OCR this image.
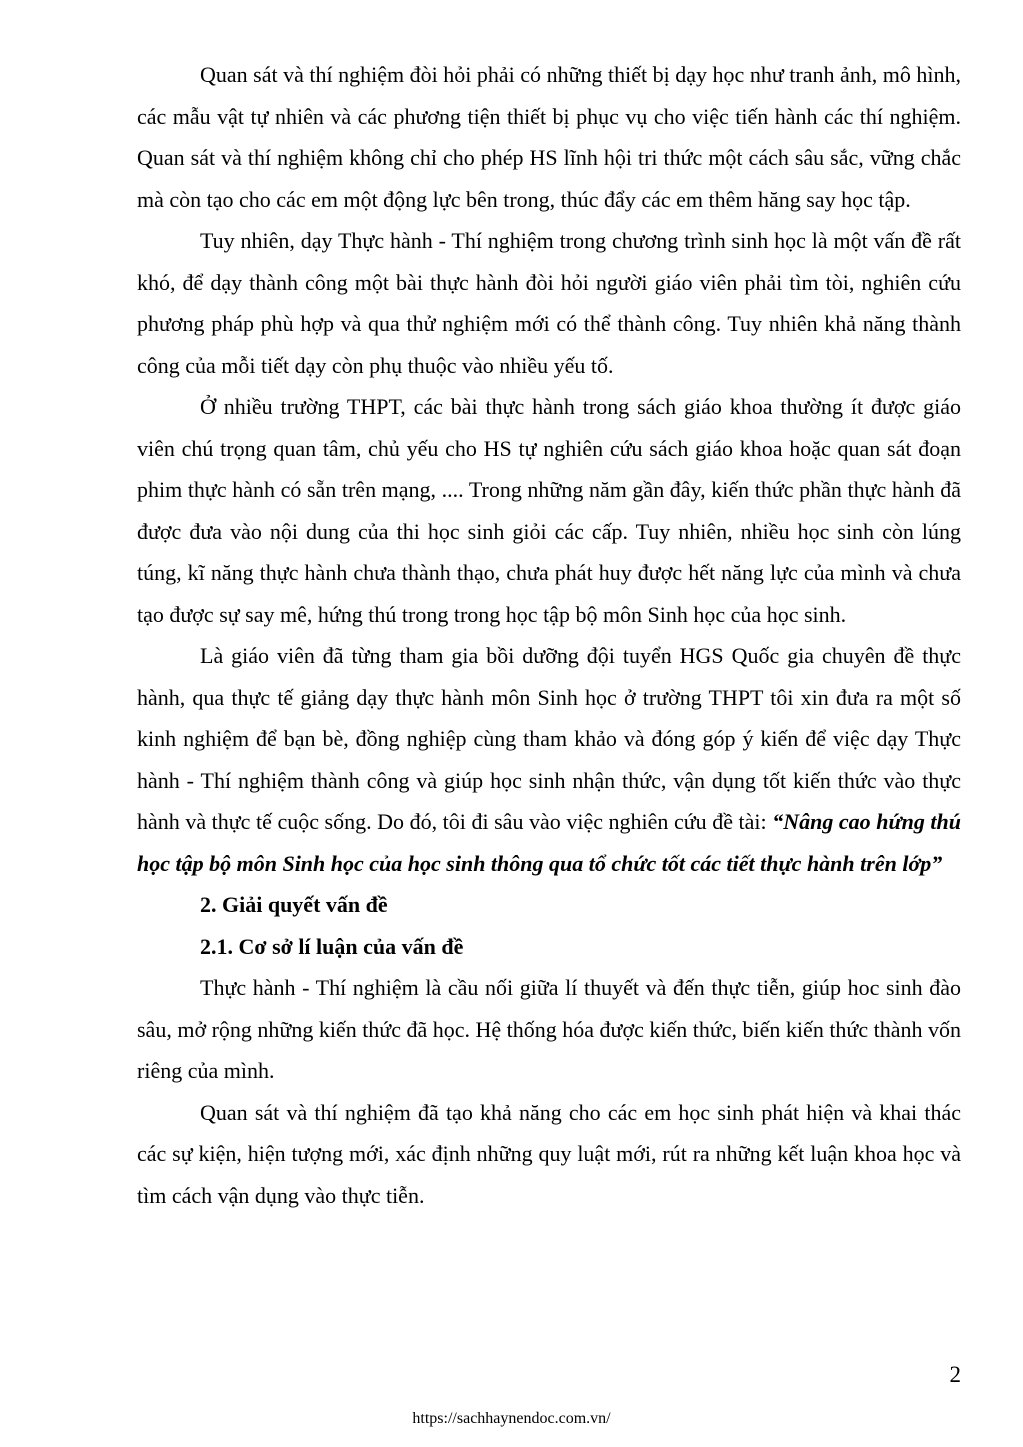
Quan sát và thí nghiệm đòi hỏi phải có những thiết bị dạy học như tranh ảnh, mô hình, các mẫu vật tự nhiên và các phương tiện thiết bị phục vụ cho việc tiến hành các thí nghiệm. Quan sát và thí nghiệm không chỉ cho phép HS lĩnh hội tri thức một cách sâu sắc, vững chắc mà còn tạo cho các em một động lực bên trong, thúc đẩy các em thêm hăng say học tập.

Tuy nhiên, dạy Thực hành - Thí nghiệm trong chương trình sinh học là một vấn đề rất khó, để dạy thành công một bài thực hành đòi hỏi người giáo viên phải tìm tòi, nghiên cứu phương pháp phù hợp và qua thử nghiệm mới có thể thành công. Tuy nhiên khả năng thành công của mỗi tiết dạy còn phụ thuộc vào nhiều yếu tố.

Ở nhiều trường THPT, các bài thực hành trong sách giáo khoa thường ít được giáo viên chú trọng quan tâm, chủ yếu cho HS tự nghiên cứu sách giáo khoa hoặc quan sát đoạn phim thực hành có sẵn trên mạng, .... Trong những năm gần đây, kiến thức phần thực hành đã được đưa vào nội dung của thi học sinh giỏi các cấp. Tuy nhiên, nhiều học sinh còn lúng túng, kĩ năng thực hành chưa thành thạo, chưa phát huy được hết năng lực của mình và chưa tạo được sự say mê, hứng thú trong trong học tập bộ môn Sinh học của học sinh.

Là giáo viên đã từng tham gia bồi dưỡng đội tuyển HGS Quốc gia chuyên đề thực hành, qua thực tế giảng dạy thực hành môn Sinh học ở trường THPT tôi xin đưa ra một số kinh nghiệm để bạn bè, đồng nghiệp cùng tham khảo và đóng góp ý kiến để việc dạy Thực hành - Thí nghiệm thành công và giúp học sinh nhận thức, vận dụng tốt kiến thức vào thực hành và thực tế cuộc sống. Do đó, tôi đi sâu vào việc nghiên cứu đề tài: “Nâng cao hứng thú học tập bộ môn Sinh học của học sinh thông qua tổ chức tốt các tiết thực hành trên lớp”

2. Giải quyết vấn đề

2.1. Cơ sở lí luận của vấn đề

Thực hành - Thí nghiệm là cầu nối giữa lí thuyết và đến thực tiễn, giúp hoc sinh đào sâu, mở rộng những kiến thức đã học. Hệ thống hóa được kiến thức, biến kiến thức thành vốn riêng của mình.

Quan sát và thí nghiệm đã tạo khả năng cho các em học sinh phát hiện và khai thác các sự kiện, hiện tượng mới, xác định những quy luật mới, rút ra những kết luận khoa học và tìm cách vận dụng vào thực tiễn.

2
https://sachhaynendoc.com.vn/
